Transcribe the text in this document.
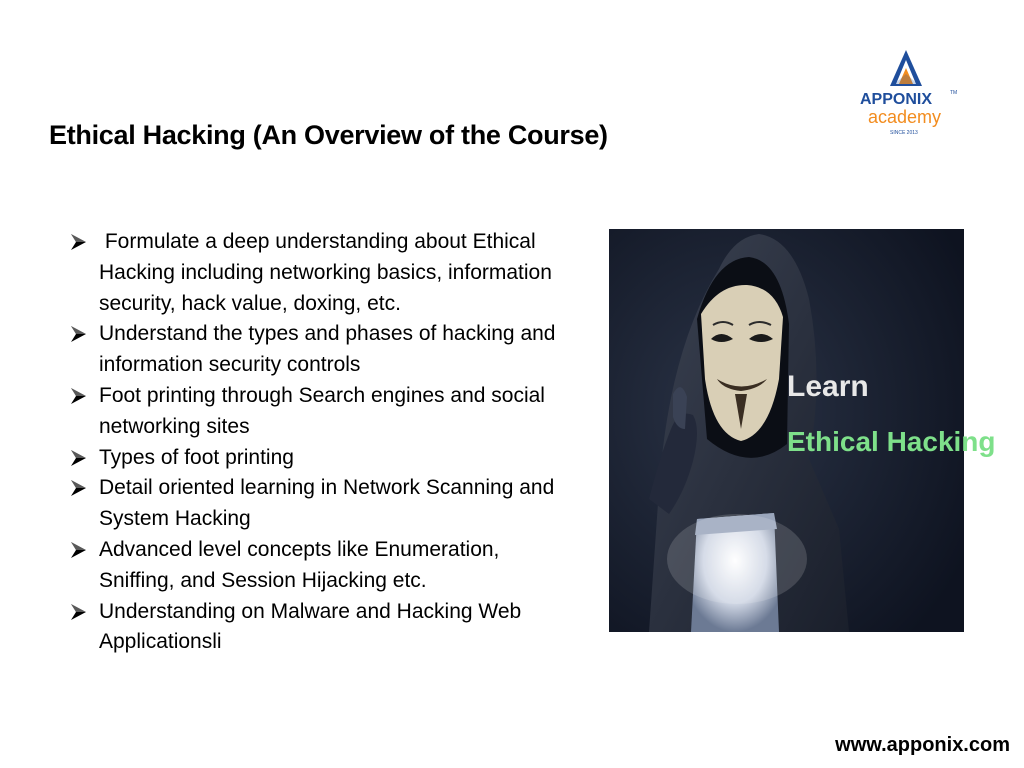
Ethical Hacking (An Overview of the Course)
APPONIX	TM
academy
SINCE 2013
Formulate a deep understanding about Ethical Hacking including networking basics, information security, hack value, doxing, etc.
Understand the types and phases of hacking and information security controls
Foot printing through Search engines and social networking sites
Types of foot printing
Detail oriented learning in Network Scanning and System Hacking
Advanced level concepts like Enumeration, Sniffing, and Session Hijacking etc.
Understanding on Malware and Hacking Web Applicationsli
Learn
Ethical Hacking
www.apponix.com
